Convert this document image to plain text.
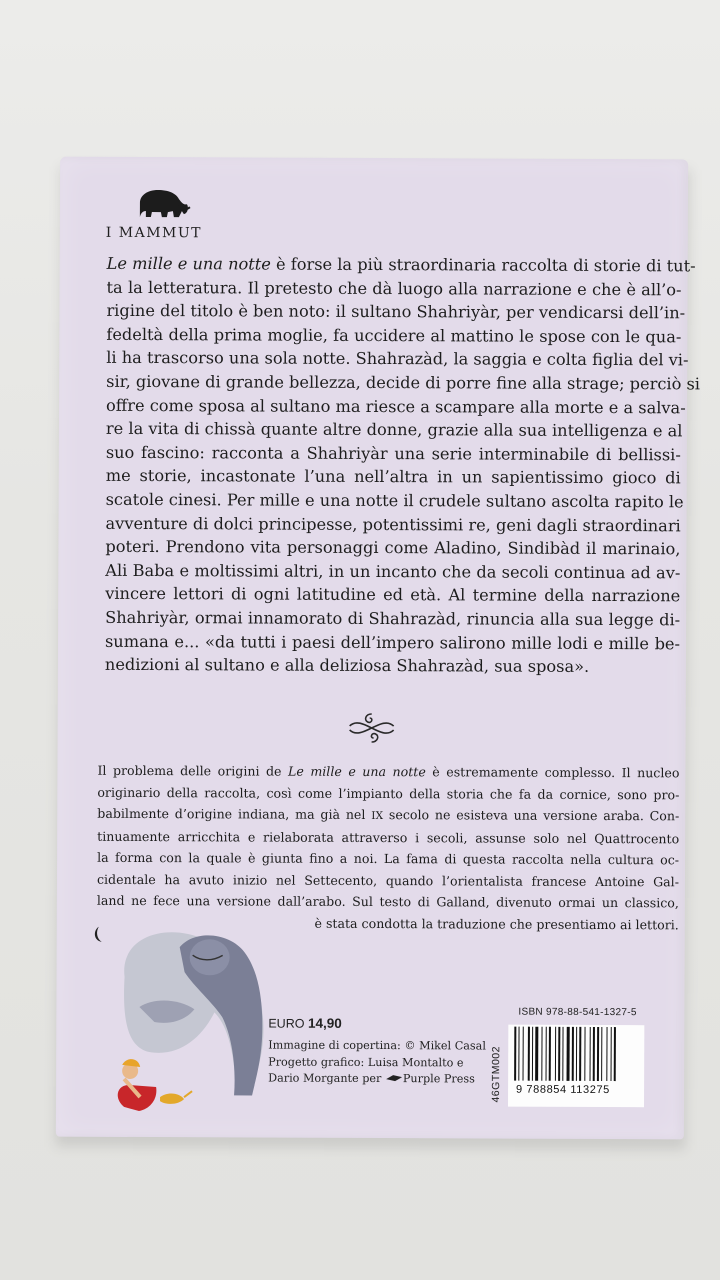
I MAMMUT
Le mille e una notte è forse la più straordinaria raccolta di storie di tut-
ta la letteratura. Il pretesto che dà luogo alla narrazione e che è all’o-
rigine del titolo è ben noto: il sultano Shahriyàr, per vendicarsi dell’in-
fedeltà della prima moglie, fa uccidere al mattino le spose con le qua-
li ha trascorso una sola notte. Shahrazàd, la saggia e colta figlia del vi-
sir, giovane di grande bellezza, decide di porre fine alla strage; perciò si
offre come sposa al sultano ma riesce a scampare alla morte e a salva-
re la vita di chissà quante altre donne, grazie alla sua intelligenza e al
suo fascino: racconta a Shahriyàr una serie interminabile di bellissi-
me storie, incastonate l’una nell’altra in un sapientissimo gioco di
scatole cinesi. Per mille e una notte il crudele sultano ascolta rapito le
avventure di dolci principesse, potentissimi re, geni dagli straordinari
poteri. Prendono vita personaggi come Aladino, Sindibàd il marinaio,
Ali Baba e moltissimi altri, in un incanto che da secoli continua ad av-
vincere lettori di ogni latitudine ed età. Al termine della narrazione
Shahriyàr, ormai innamorato di Shahrazàd, rinuncia alla sua legge di-
sumana e... «da tutti i paesi dell’impero salirono mille lodi e mille be-
nedizioni al sultano e alla deliziosa Shahrazàd, sua sposa».
Il problema delle origini de Le mille e una notte è estremamente complesso. Il nucleo
originario della raccolta, così come l’impianto della storia che fa da cornice, sono pro-
babilmente d’origine indiana, ma già nel IX secolo ne esisteva una versione araba. Con-
tinuamente arricchita e rielaborata attraverso i secoli, assunse solo nel Quattrocento
la forma con la quale è giunta fino a noi. La fama di questa raccolta nella cultura oc-
cidentale ha avuto inizio nel Settecento, quando l’orientalista francese Antoine Gal-
land ne fece una versione dall’arabo. Sul testo di Galland, divenuto ormai un classico,
è stata condotta la traduzione che presentiamo ai lettori.
EURO 14,90
Immagine di copertina: © Mikel Casal
Progetto grafico: Luisa Montalto e
Dario Morgante per Purple Press
ISBN 978-88-541-1327-5
46GTM002 9 788854 113275
